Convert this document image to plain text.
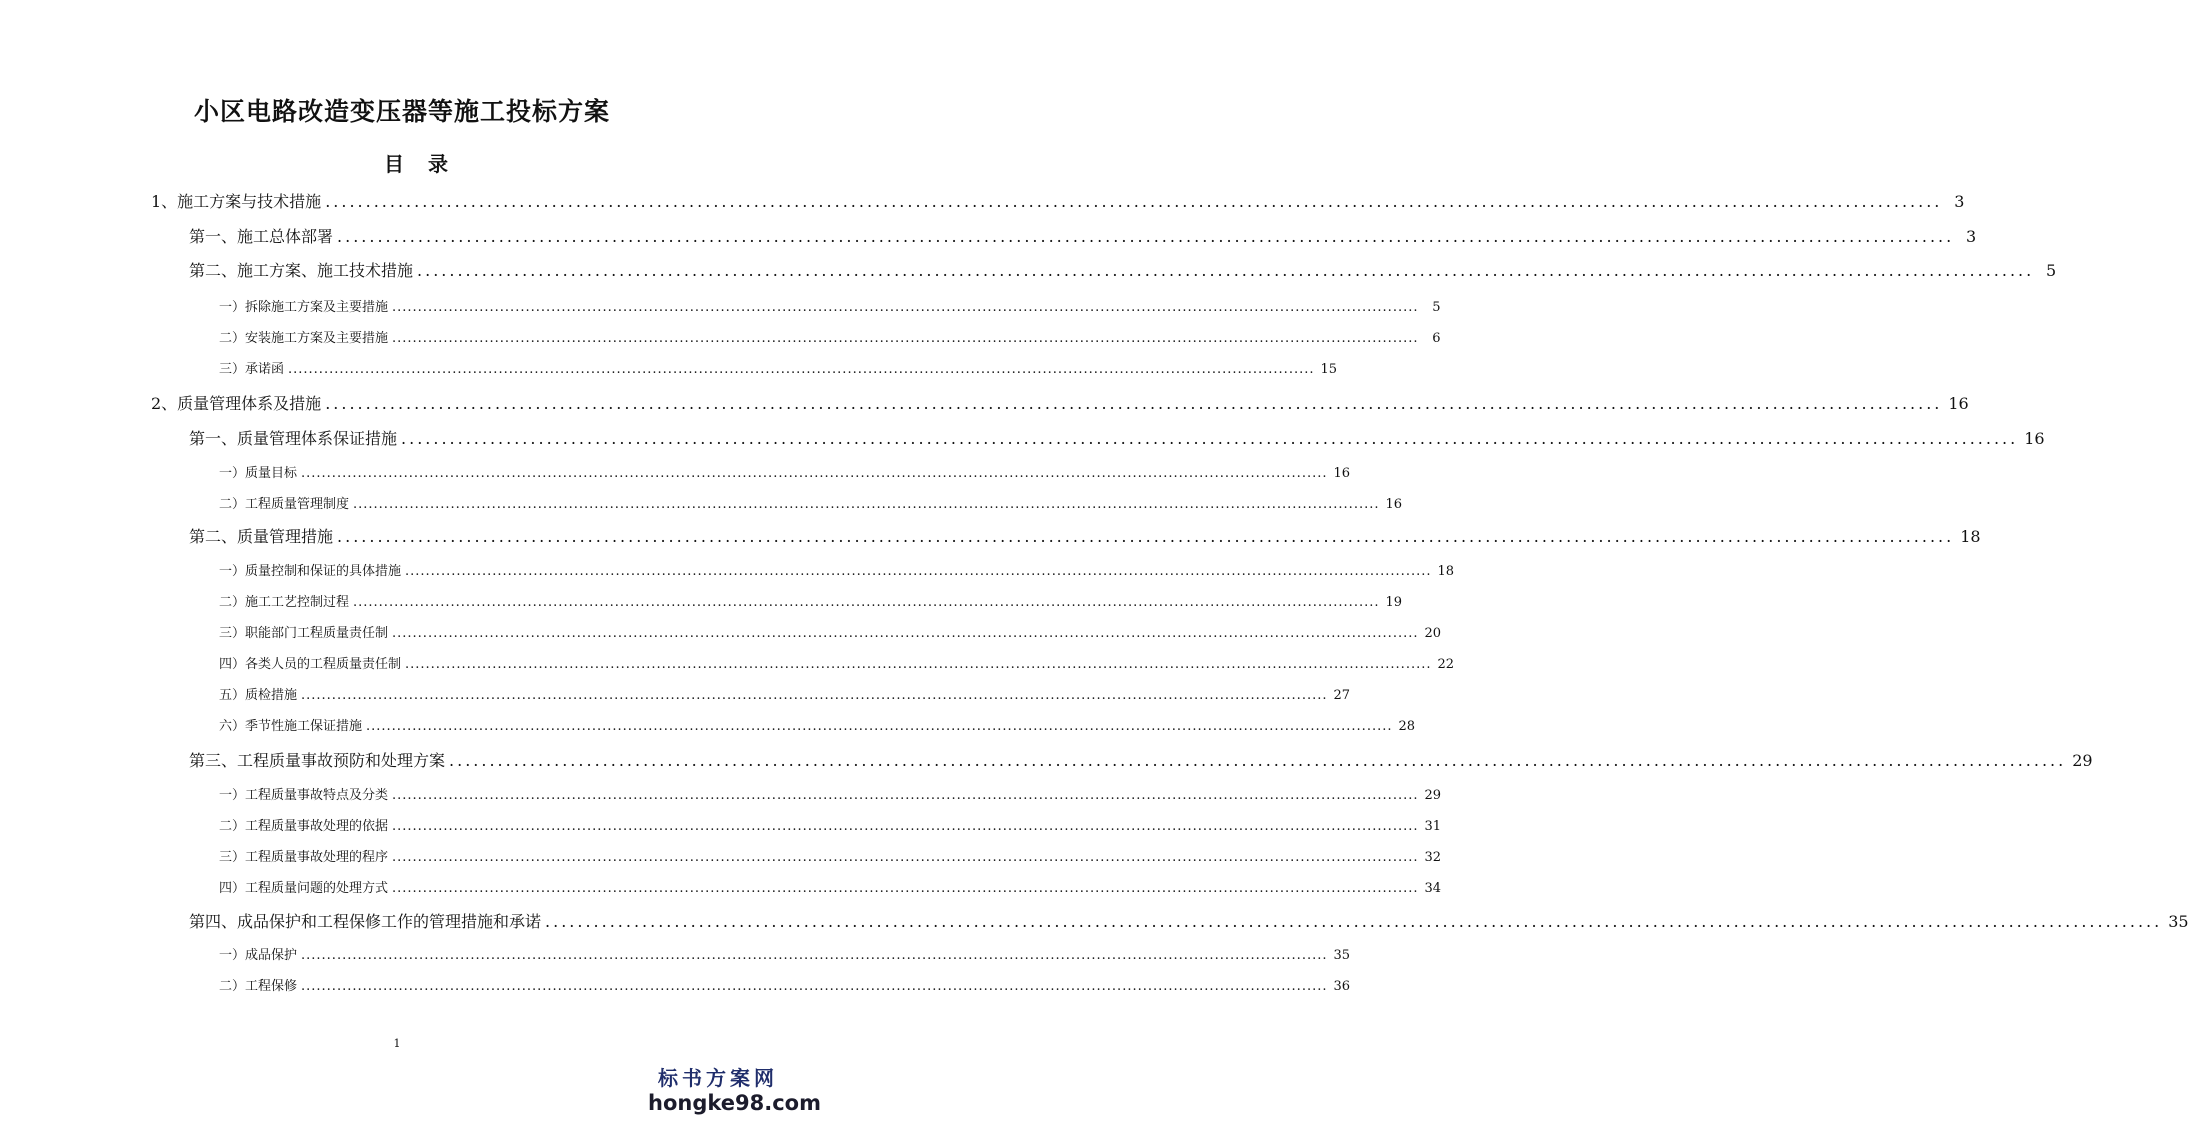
小区电路改造变压器等施工投标方案
目 录
1、施工方案与技术措施 ........................................................................................................................................................................................................ 3
第一、施工总体部署 ........................................................................................................................................................................................................ 3
第二、施工方案、施工技术措施 ........................................................................................................................................................................................................ 5
一）拆除施工方案及主要措施 ........................................................................................................................................................................................................	5
二）安装施工方案及主要措施 ........................................................................................................................................................................................................	6
三）承诺函 ........................................................................................................................................................................................................ 15
2、质量管理体系及措施 ........................................................................................................................................................................................................ 16
第一、质量管理体系保证措施 ........................................................................................................................................................................................................ 16
一）质量目标 ........................................................................................................................................................................................................ 16
二）工程质量管理制度 ........................................................................................................................................................................................................ 16
第二、质量管理措施 ........................................................................................................................................................................................................ 18
一）质量控制和保证的具体措施 ........................................................................................................................................................................................................ 18
二）施工工艺控制过程 ........................................................................................................................................................................................................ 19
三）职能部门工程质量责任制 ........................................................................................................................................................................................................ 20
四）各类人员的工程质量责任制 ........................................................................................................................................................................................................ 22
五）质检措施 ........................................................................................................................................................................................................ 27
六）季节性施工保证措施 ........................................................................................................................................................................................................ 28
第三、工程质量事故预防和处理方案 ........................................................................................................................................................................................................ 29
一）工程质量事故特点及分类 ........................................................................................................................................................................................................ 29
二）工程质量事故处理的依据 ........................................................................................................................................................................................................ 31
三）工程质量事故处理的程序 ........................................................................................................................................................................................................ 32
四）工程质量问题的处理方式 ........................................................................................................................................................................................................ 34
第四、成品保护和工程保修工作的管理措施和承诺 ........................................................................................................................................................................................................ 35
一）成品保护 ........................................................................................................................................................................................................ 35
二）工程保修 ........................................................................................................................................................................................................ 36
1
标书方案网
hongke98.com
